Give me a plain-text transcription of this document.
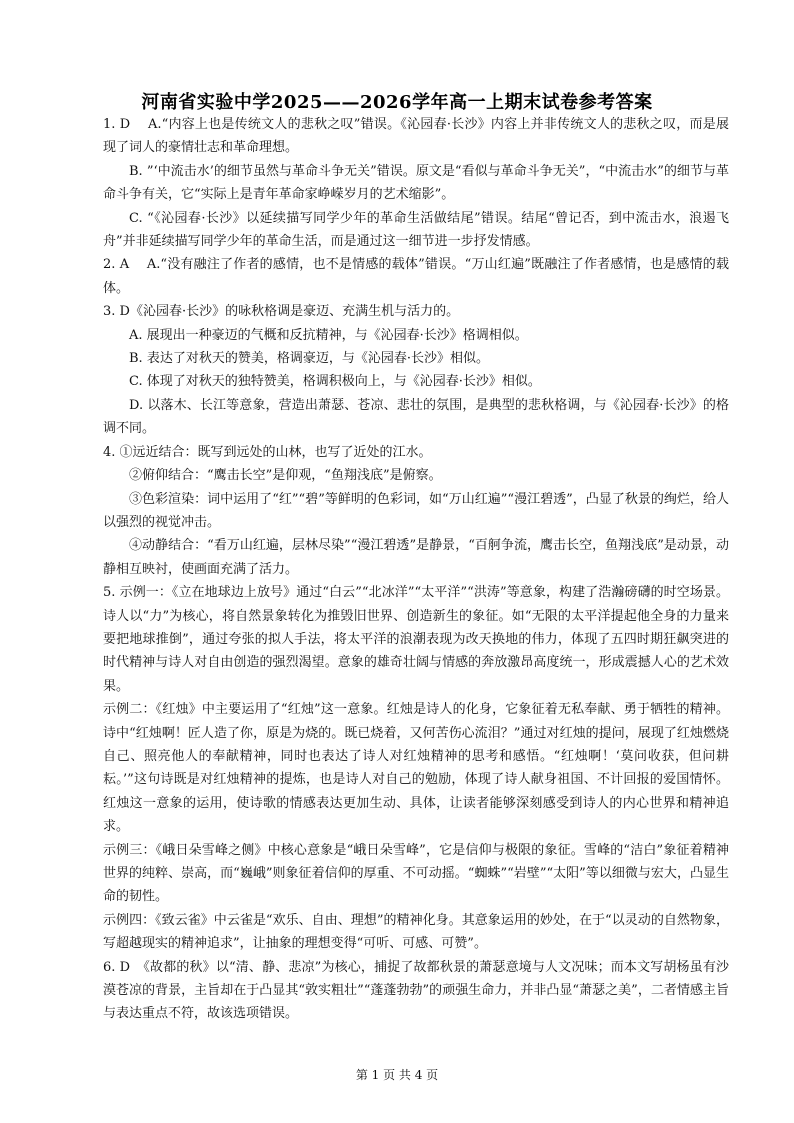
河南省实验中学2025——2026学年高一上期末试卷参考答案

1. D　 A.“内容上也是传统文人的悲秋之叹”错误。《沁园春·长沙》内容上并非传统文人的悲秋之叹，而是展现了词人的豪情壮志和革命理想。

B. ”‘中流击水’的细节虽然与革命斗争无关”错误。原文是“看似与革命斗争无关”，“中流击水”的细节与革命斗争有关，它“实际上是青年革命家峥嵘岁月的艺术缩影”。

C. “《沁园春·长沙》以延续描写同学少年的革命生活做结尾”错误。结尾“曾记否，到中流击水，浪遏飞舟”并非延续描写同学少年的革命生活，而是通过这一细节进一步抒发情感。

2. A　 A.“没有融注了作者的感情，也不是情感的载体”错误。“万山红遍”既融注了作者感情，也是感情的载体。

3. D《沁园春·长沙》的咏秋格调是豪迈、充满生机与活力的。

A. 展现出一种豪迈的气概和反抗精神，与《沁园春·长沙》格调相似。

B. 表达了对秋天的赞美，格调豪迈，与《沁园春·长沙》相似。

C. 体现了对秋天的独特赞美，格调积极向上，与《沁园春·长沙》相似。

D. 以落木、长江等意象，营造出萧瑟、苍凉、悲壮的氛围，是典型的悲秋格调，与《沁园春·长沙》的格调不同。

4. ①远近结合：既写到远处的山林，也写了近处的江水。

②俯仰结合：“鹰击长空”是仰观，“鱼翔浅底”是俯察。

③色彩渲染：词中运用了“红”“碧”等鲜明的色彩词，如“万山红遍”“漫江碧透”，凸显了秋景的绚烂，给人以强烈的视觉冲击。

④动静结合：“看万山红遍，层林尽染”“漫江碧透”是静景，“百舸争流，鹰击长空，鱼翔浅底”是动景，动静相互映衬，使画面充满了活力。

5. 示例一：《立在地球边上放号》通过“白云”“北冰洋”“太平洋”“洪涛”等意象，构建了浩瀚磅礴的时空场景。诗人以“力”为核心，将自然景象转化为推毁旧世界、创造新生的象征。如“无限的太平洋提起他全身的力量来要把地球推倒”，通过夸张的拟人手法，将太平洋的浪潮表现为改天换地的伟力，体现了五四时期狂飙突进的时代精神与诗人对自由创造的强烈渴望。意象的雄奇壮阔与情感的奔放激昂高度统一，形成震撼人心的艺术效果。

示例二：《红烛》中主要运用了“红烛”这一意象。红烛是诗人的化身，它象征着无私奉献、勇于牺牲的精神。诗中“红烛啊！匠人造了你，原是为烧的。既已烧着，又何苦伤心流泪？”通过对红烛的提问，展现了红烛燃烧自己、照亮他人的奉献精神，同时也表达了诗人对红烛精神的思考和感悟。“红烛啊！‘莫问收获，但问耕耘。’”这句诗既是对红烛精神的提炼，也是诗人对自己的勉励，体现了诗人献身祖国、不计回报的爱国情怀。红烛这一意象的运用，使诗歌的情感表达更加生动、具体，让读者能够深刻感受到诗人的内心世界和精神追求。

示例三：《峨日朵雪峰之侧》中核心意象是“峨日朵雪峰”，它是信仰与极限的象征。雪峰的“洁白”象征着精神世界的纯粹、崇高，而“巍峨”则象征着信仰的厚重、不可动摇。“蜘蛛”“岩壁”“太阳”等以细微与宏大，凸显生命的韧性。

示例四：《致云雀》中云雀是“欢乐、自由、理想”的精神化身。其意象运用的妙处，在于“以灵动的自然物象，写超越现实的精神追求”，让抽象的理想变得“可听、可感、可赞”。

6. D　《故都的秋》以“清、静、悲凉”为核心，捕捉了故都秋景的萧瑟意境与人文况味；而本文写胡杨虽有沙漠苍凉的背景，主旨却在于凸显其“敦实粗壮”“蓬蓬勃勃”的顽强生命力，并非凸显“萧瑟之美”，二者情感主旨与表达重点不符，故该选项错误。

第 1 页 共 4 页
